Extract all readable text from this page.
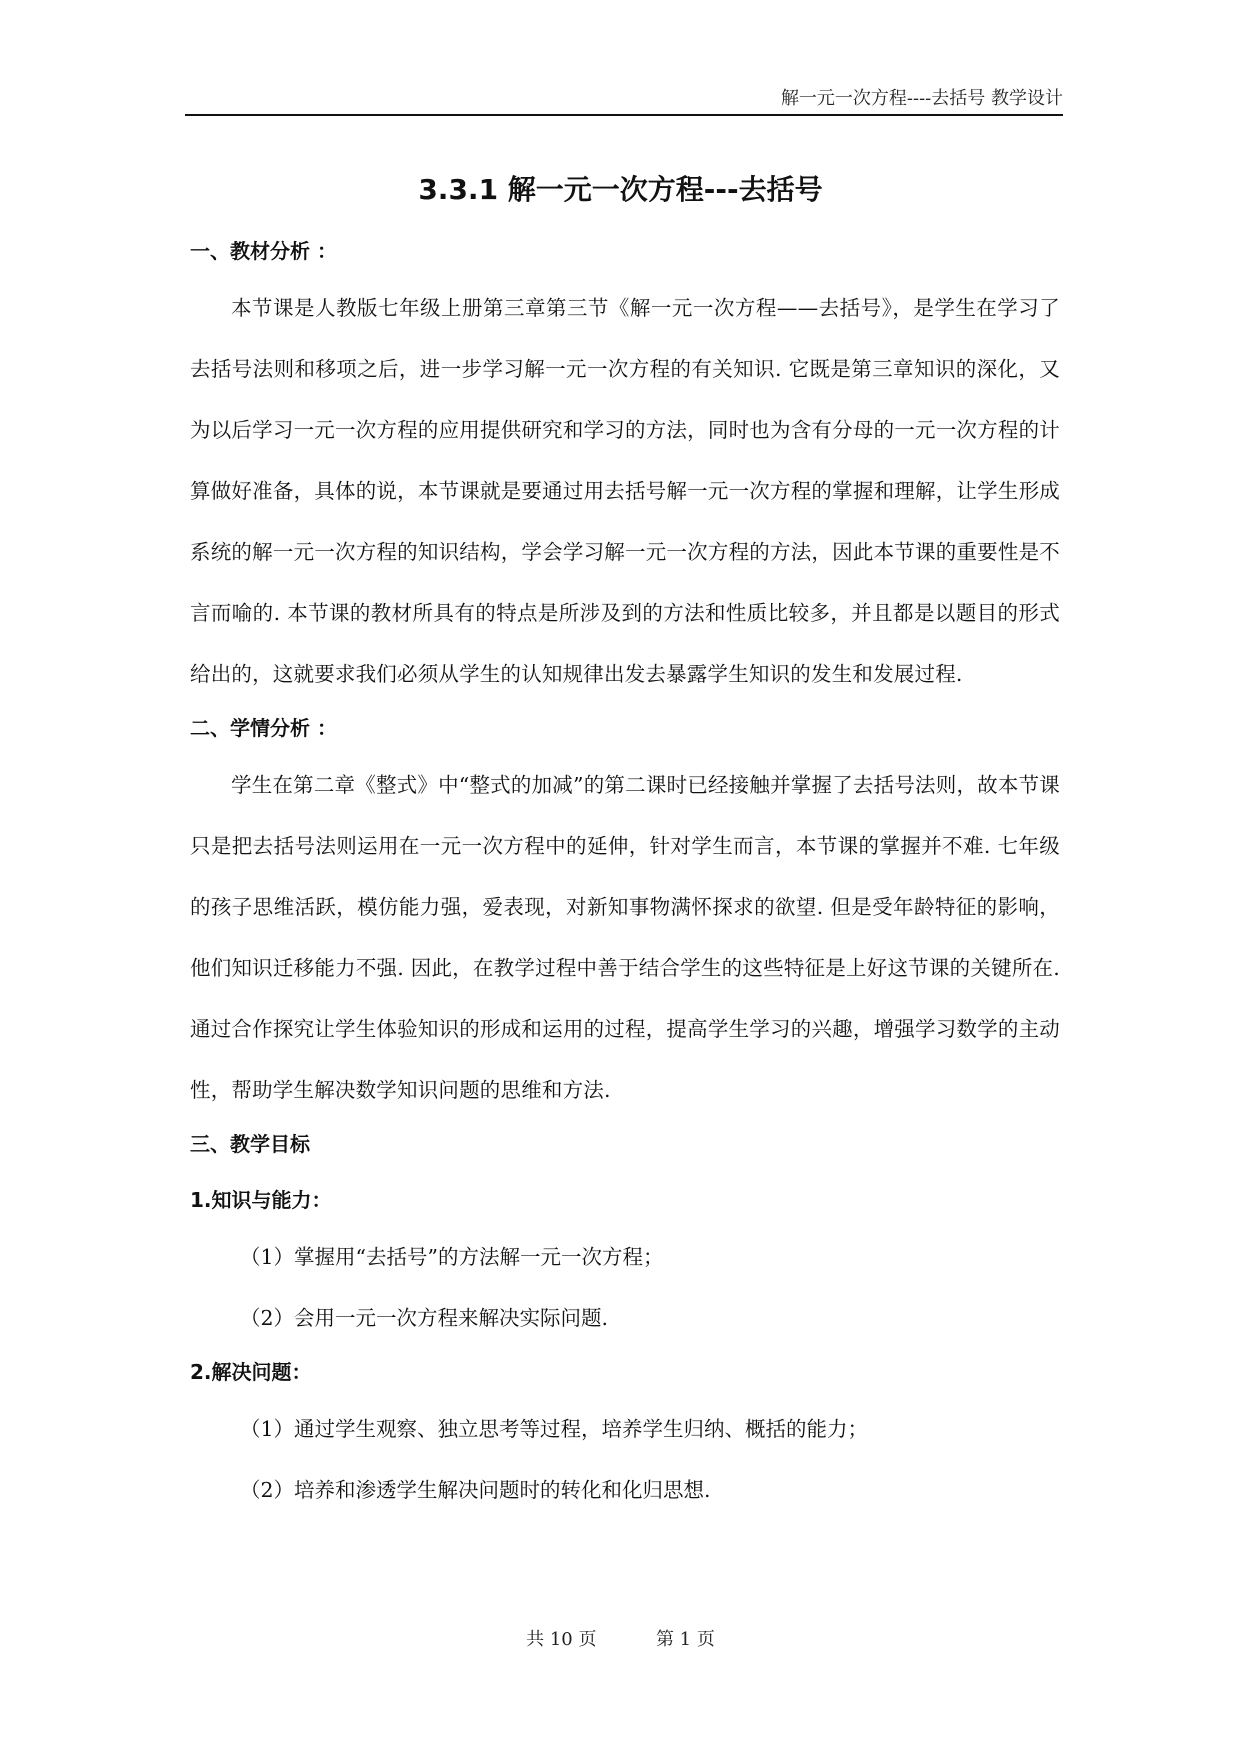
解一元一次方程----去括号 教学设计
3.3.1 解一元一次方程---去括号

一、教材分析 ：

本节课是人教版七年级上册第三章第三节《解一元一次方程——去括号》，是学生在学习了去括号法则和移项之后，进一步学习解一元一次方程的有关知识. 它既是第三章知识的深化，又为以后学习一元一次方程的应用提供研究和学习的方法，同时也为含有分母的一元一次方程的计算做好准备，具体的说，本节课就是要通过用去括号解一元一次方程的掌握和理解，让学生形成系统的解一元一次方程的知识结构，学会学习解一元一次方程的方法，因此本节课的重要性是不言而喻的. 本节课的教材所具有的特点是所涉及到的方法和性质比较多，并且都是以题目的形式给出的，这就要求我们必须从学生的认知规律出发去暴露学生知识的发生和发展过程.

二、学情分析 ：

学生在第二章《整式》中“整式的加减”的第二课时已经接触并掌握了去括号法则，故本节课只是把去括号法则运用在一元一次方程中的延伸，针对学生而言，本节课的掌握并不难. 七年级的孩子思维活跃，模仿能力强，爱表现，对新知事物满怀探求的欲望. 但是受年龄特征的影响，他们知识迁移能力不强. 因此，在教学过程中善于结合学生的这些特征是上好这节课的关键所在. 通过合作探究让学生体验知识的形成和运用的过程，提高学生学习的兴趣，增强学习数学的主动性，帮助学生解决数学知识问题的思维和方法.

三、教学目标

1.知识与能力：

（1）掌握用“去括号”的方法解一元一次方程；

（2）会用一元一次方程来解决实际问题.

2.解决问题：

（1）通过学生观察、独立思考等过程，培养学生归纳、概括的能力；

（2）培养和渗透学生解决问题时的转化和化归思想.

共 10 页	第 1 页
